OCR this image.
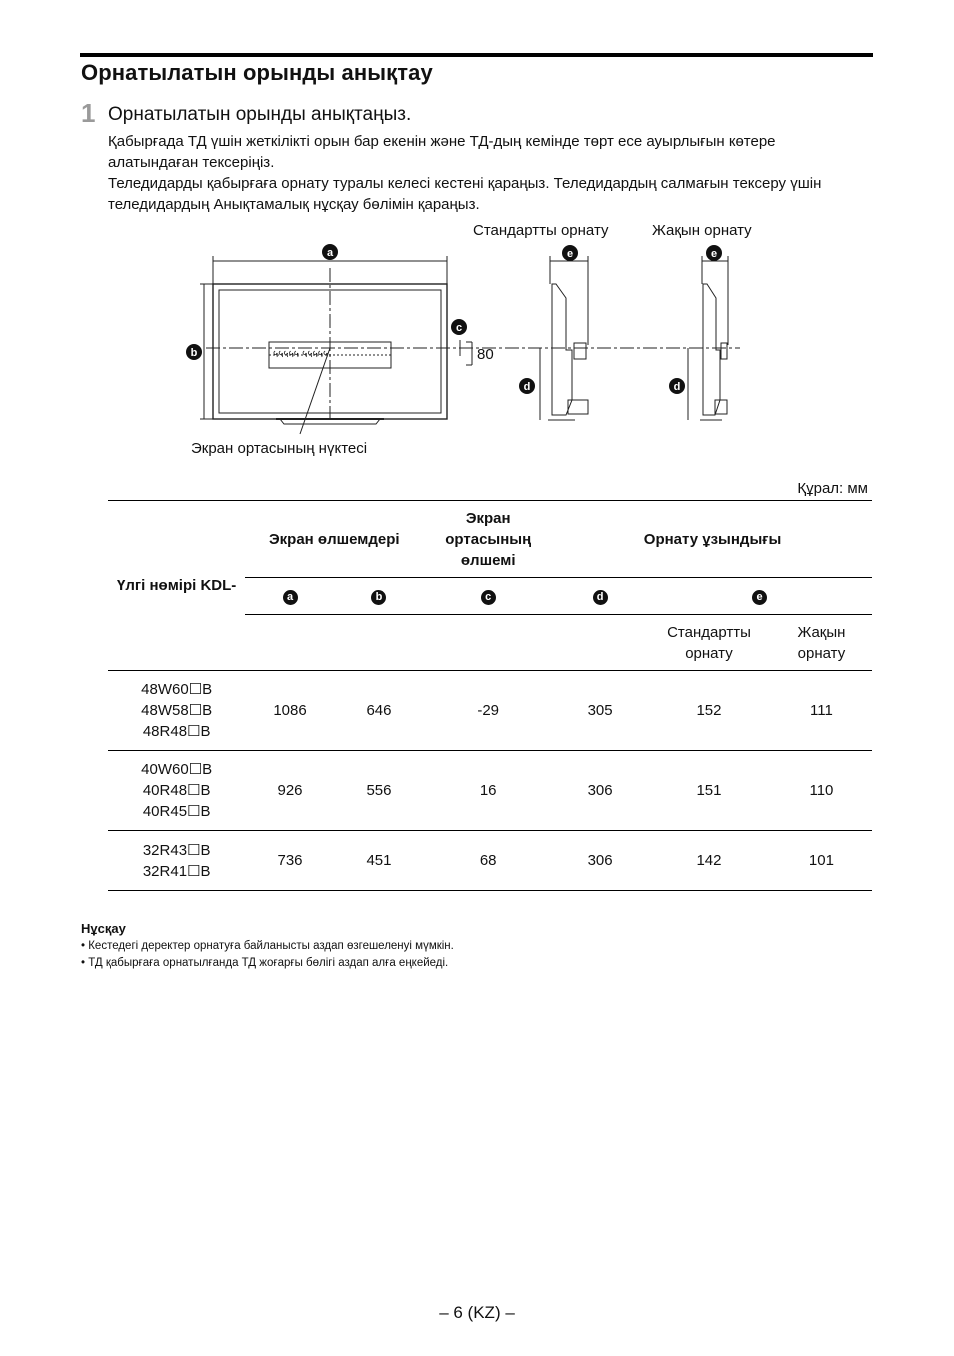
Орнатылатын орынды анықтау
1 Орнатылатын орынды анықтаңыз.
Қабырғада ТД үшін жеткілікті орын бар екенін және ТД-дың кемінде төрт есе ауырлығын көтере алатындаған тексеріңіз.
Теледидарды қабырғаға орнату туралы келесі кестені қараңыз. Теледидардың салмағын тексеру үшін теледидардың Анықтамалық нұсқау бөлімін қараңыз.
Стандартты орнату	Жақын орнату
Экран ортасының нүктесі
५५५५५ ५५५५५	80
a
b
c
d	d
e	e
Құрал: мм
Үлгі нөмірі KDL-	Экран өлшемдері		Экран ортасының өлшемі	Орнату ұзындығы		
	a	b	c	d	e	
					Стандартты орнату	Жақын орнату

48W60☐B
48W58☐B
48R48☐B	1086	646	-29	305	152	111

40W60☐B
40R48☐B
40R45☐B	926	556	16	306	151	110

32R43☐B
32R41☐B	736	451	68	306	142	101
Нұсқау
• Кестедегі деректер орнатуға байланысты аздап өзгешеленуі мүмкін.
• ТД қабырғаға орнатылғанда ТД жоғарғы бөлігі аздап алға еңкейеді.
– 6 (KZ) –
